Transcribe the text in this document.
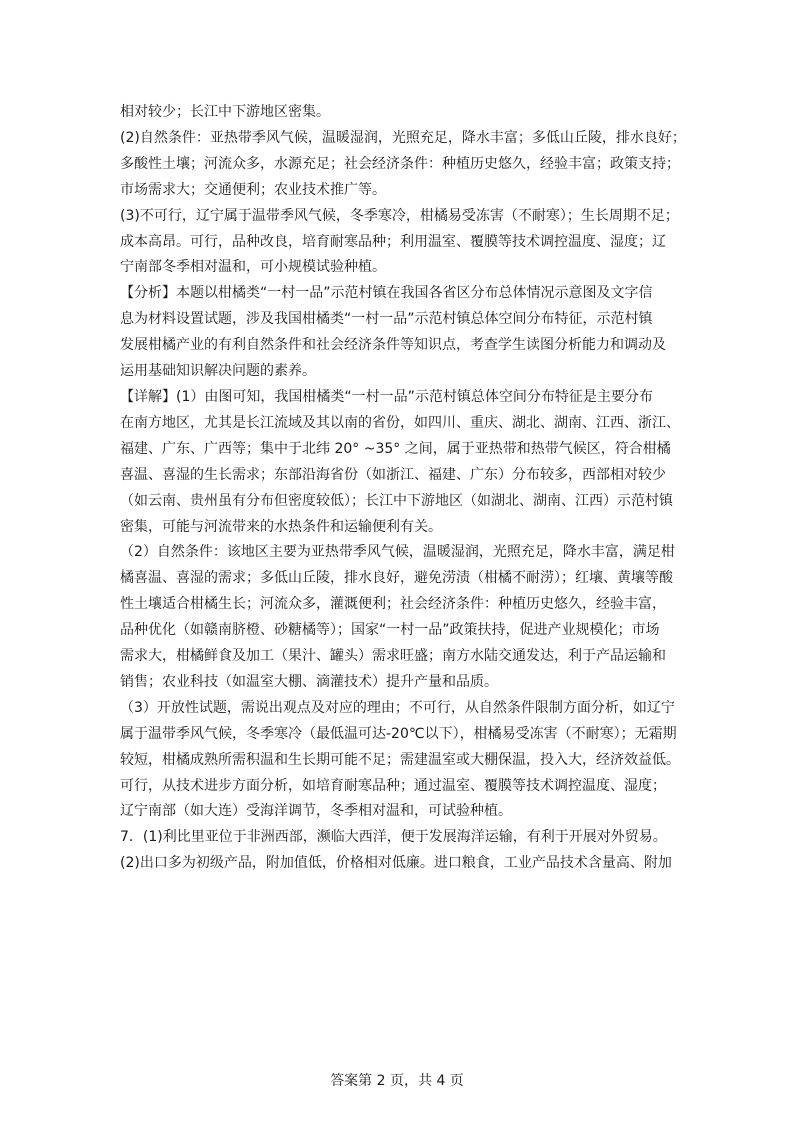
相对较少；长江中下游地区密集。
(2)自然条件：亚热带季风气候，温暖湿润，光照充足，降水丰富；多低山丘陵，排水良好；
多酸性土壤；河流众多，水源充足；社会经济条件：种植历史悠久，经验丰富；政策支持；
市场需求大；交通便利；农业技术推广等。
(3)不可行，辽宁属于温带季风气候，冬季寒冷，柑橘易受冻害（不耐寒）；生长周期不足；
成本高昂。可行，品种改良，培育耐寒品种；利用温室、覆膜等技术调控温度、湿度；辽
宁南部冬季相对温和，可小规模试验种植。
【分析】本题以柑橘类“一村一品”示范村镇在我国各省区分布总体情况示意图及文字信
息为材料设置试题，涉及我国柑橘类“一村一品”示范村镇总体空间分布特征，示范村镇
发展柑橘产业的有利自然条件和社会经济条件等知识点，考查学生读图分析能力和调动及
运用基础知识解决问题的素养。
【详解】(1）由图可知，我国柑橘类“一村一品”示范村镇总体空间分布特征是主要分布
在南方地区，尤其是长江流域及其以南的省份，如四川、重庆、湖北、湖南、江西、浙江、
福建、广东、广西等；集中于北纬 20° ~35° 之间，属于亚热带和热带气候区，符合柑橘
喜温、喜湿的生长需求；东部沿海省份（如浙江、福建、广东）分布较多，西部相对较少
（如云南、贵州虽有分布但密度较低）；长江中下游地区（如湖北、湖南、江西）示范村镇
密集，可能与河流带来的水热条件和运输便利有关。
（2）自然条件：该地区主要为亚热带季风气候，温暖湿润，光照充足，降水丰富，满足柑
橘喜温、喜湿的需求；多低山丘陵，排水良好，避免涝渍（柑橘不耐涝）；红壤、黄壤等酸
性土壤适合柑橘生长；河流众多，灌溉便利；社会经济条件：种植历史悠久，经验丰富，
品种优化（如赣南脐橙、砂糖橘等）；国家“一村一品”政策扶持，促进产业规模化；市场
需求大，柑橘鲜食及加工（果汁、罐头）需求旺盛；南方水陆交通发达，利于产品运输和
销售；农业科技（如温室大棚、滴灌技术）提升产量和品质。
（3）开放性试题，需说出观点及对应的理由；不可行，从自然条件限制方面分析，如辽宁
属于温带季风气候，冬季寒冷（最低温可达-20℃以下），柑橘易受冻害（不耐寒）；无霜期
较短，柑橘成熟所需积温和生长期可能不足；需建温室或大棚保温，投入大，经济效益低。
可行，从技术进步方面分析，如培育耐寒品种；通过温室、覆膜等技术调控温度、湿度；
辽宁南部（如大连）受海洋调节，冬季相对温和，可试验种植。
7．(1)利比里亚位于非洲西部，濒临大西洋，便于发展海洋运输，有利于开展对外贸易。
(2)出口多为初级产品，附加值低，价格相对低廉。进口粮食，工业产品技术含量高、附加
答案第 2 页，共 4 页
